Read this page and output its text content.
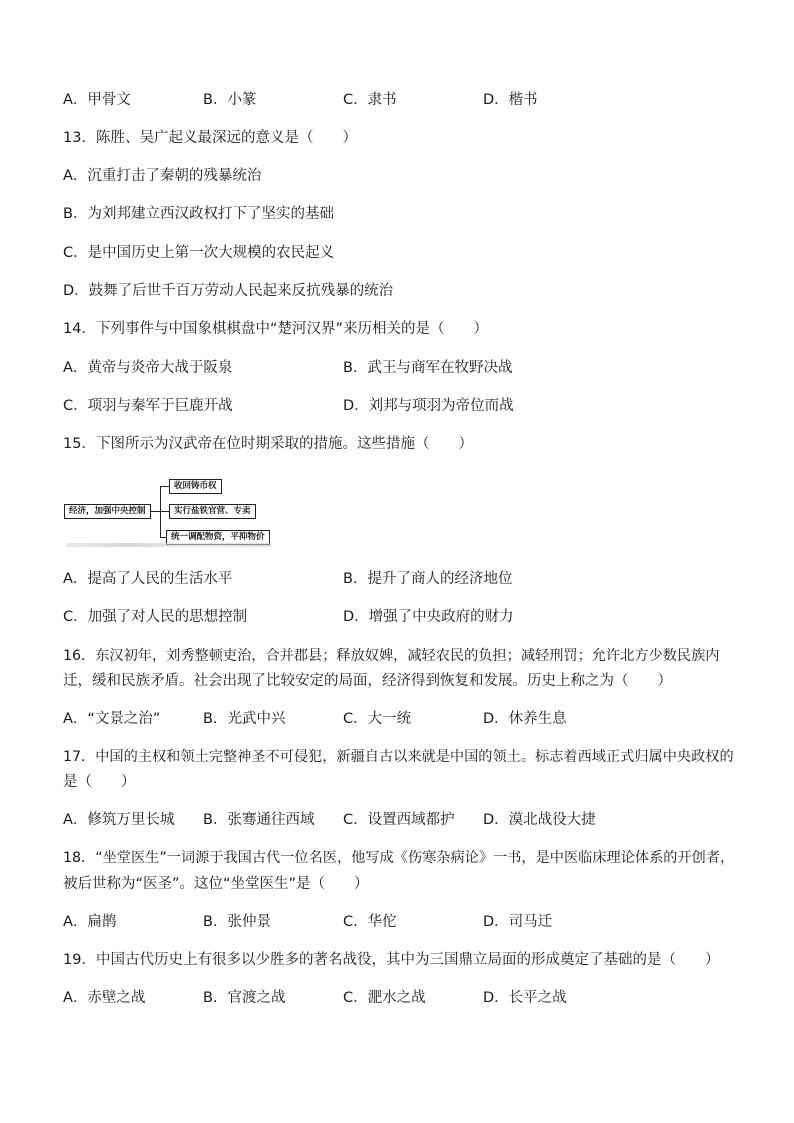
A．甲骨文	B．小篆	C．隶书	D．楷书
13．陈胜、吴广起义最深远的意义是（　　）
A．沉重打击了秦朝的残暴统治
B．为刘邦建立西汉政权打下了坚实的基础
C．是中国历史上第一次大规模的农民起义
D．鼓舞了后世千百万劳动人民起来反抗残暴的统治
14．下列事件与中国象棋棋盘中“楚河汉界”来历相关的是（　　）
A．黄帝与炎帝大战于阪泉	B．武王与商军在牧野决战
C．项羽与秦军于巨鹿开战	D．刘邦与项羽为帝位而战
15．下图所示为汉武帝在位时期采取的措施。这些措施（　　）
经济，加强中央控制
收回铸币权
实行盐铁官营、专卖
统一调配物资，平抑物价
A．提高了人民的生活水平	B．提升了商人的经济地位
C．加强了对人民的思想控制	D．增强了中央政府的财力
16．东汉初年，刘秀整顿吏治，合并郡县；释放奴婢，减轻农民的负担；减轻刑罚；允许北方少数民族内
迁，缓和民族矛盾。社会出现了比较安定的局面，经济得到恢复和发展。历史上称之为（　　）
A．“文景之治”	B．光武中兴	C．大一统	D．休养生息
17．中国的主权和领土完整神圣不可侵犯，新疆自古以来就是中国的领土。标志着西域正式归属中央政权的
是（　　）
A．修筑万里长城 B．张骞通往西域 C．设置西域都护 D．漠北战役大捷
18．“坐堂医生”一词源于我国古代一位名医，他写成《伤寒杂病论》一书，是中医临床理论体系的开创者，
被后世称为“医圣”。这位“坐堂医生”是（　　）
A．扁鹊	B．张仲景	C．华佗	D．司马迁
19．中国古代历史上有很多以少胜多的著名战役，其中为三国鼎立局面的形成奠定了基础的是（　　）
A．赤壁之战	B．官渡之战	C．淝水之战	D．长平之战
